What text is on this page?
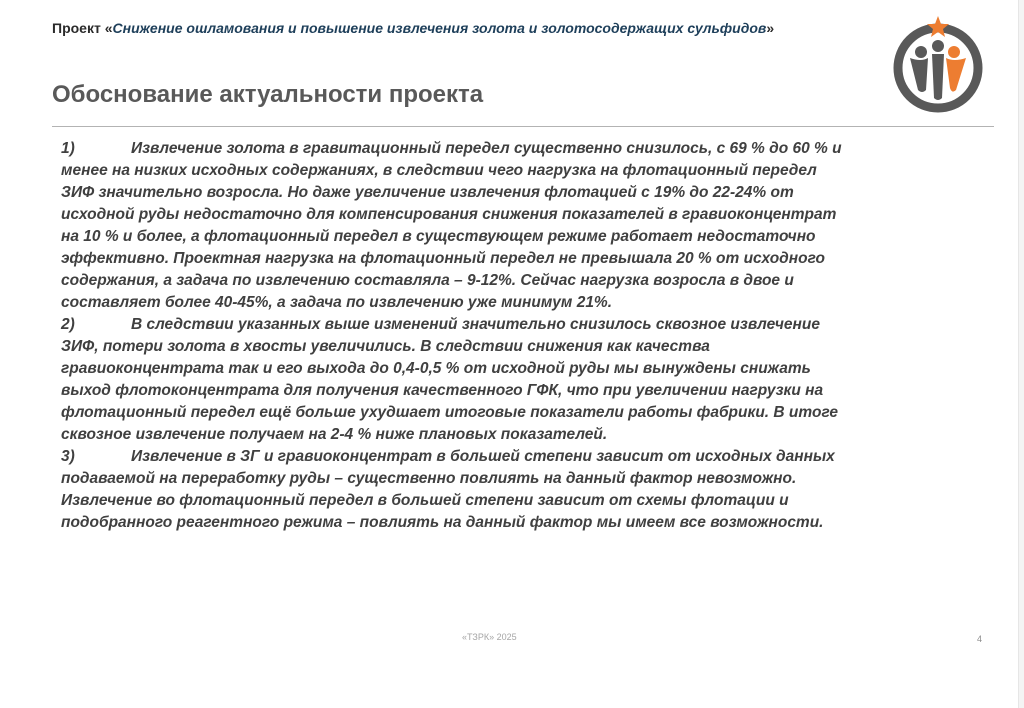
Проект «Снижение ошламования и повышение извлечения золота и золотосодержащих сульфидов»
Обоснование актуальности проекта

1)	Извлечение золота в гравитационный передел существенно снизилось, с 69 % до 60 % и
менее на низких исходных содержаниях, в следствии чего нагрузка на флотационный передел
ЗИФ значительно возросла. Но даже увеличение извлечения флотацией с 19% до 22-24% от
исходной руды недостаточно для компенсирования снижения показателей в гравиоконцентрат
на 10 % и более, а флотационный передел в существующем режиме работает недостаточно
эффективно. Проектная нагрузка на флотационный передел не превышала 20 % от исходного
содержания, а задача по извлечению составляла – 9-12%. Сейчас нагрузка возросла в двое и
составляет более 40-45%, а задача по извлечению уже минимум 21%.

2)	В следствии указанных выше изменений значительно снизилось сквозное извлечение
ЗИФ, потери золота в хвосты увеличились. В следствии снижения как качества
гравиоконцентрата так и его выхода до 0,4-0,5 % от исходной руды мы вынуждены снижать
выход флотоконцентрата для получения качественного ГФК, что при увеличении нагрузки на
флотационный передел ещё больше ухудшает итоговые показатели работы фабрики. В итоге
сквозное извлечение получаем на 2-4 % ниже плановых показателей.

3)	Извлечение в ЗГ и гравиоконцентрат в большей степени зависит от исходных данных
подаваемой на переработку руды – существенно повлиять на данный фактор невозможно.
Извлечение во флотационный передел в большей степени зависит от схемы флотации и
подобранного реагентного режима – повлиять на данный фактор мы имеем все возможности.

«ТЗРК» 2025	4
